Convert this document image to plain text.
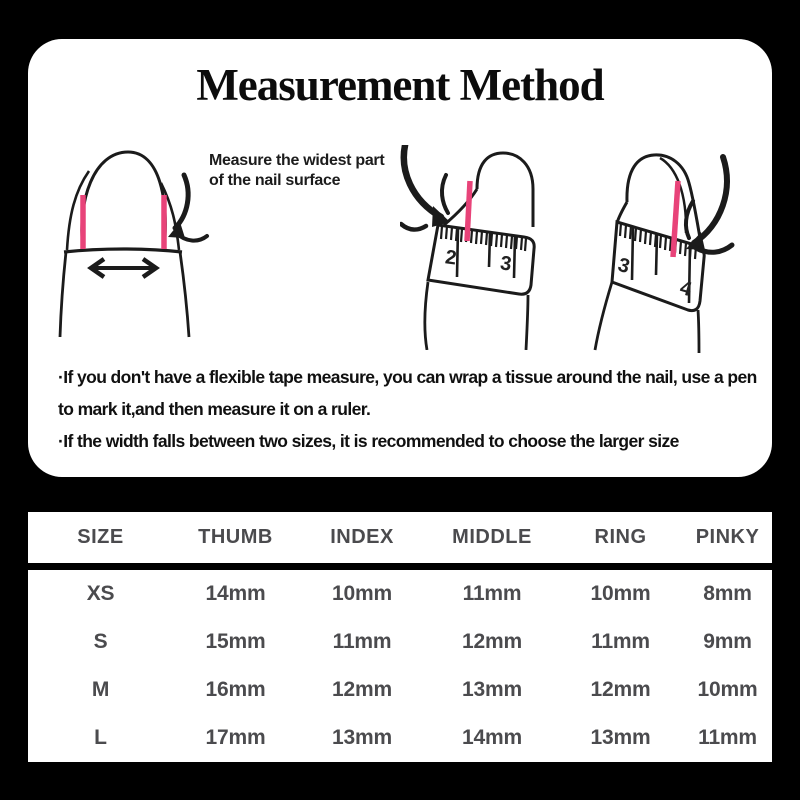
Measurement Method
Measure the widest part
of the nail surface
2 3	3
4

·If you don't have a flexible tape measure, you can wrap a tissue around the nail, use a pen to mark it,and then measure it on a ruler.

·If the width falls between two sizes, it is recommended to choose the larger size

SIZE	THUMB	INDEX	MIDDLE	RING	PINKY
XS	14mm	10mm	11mm	10mm	8mm
S	15mm	11mm	12mm	11mm	9mm
M	16mm	12mm	13mm	12mm	10mm
L	17mm	13mm	14mm	13mm	11mm
